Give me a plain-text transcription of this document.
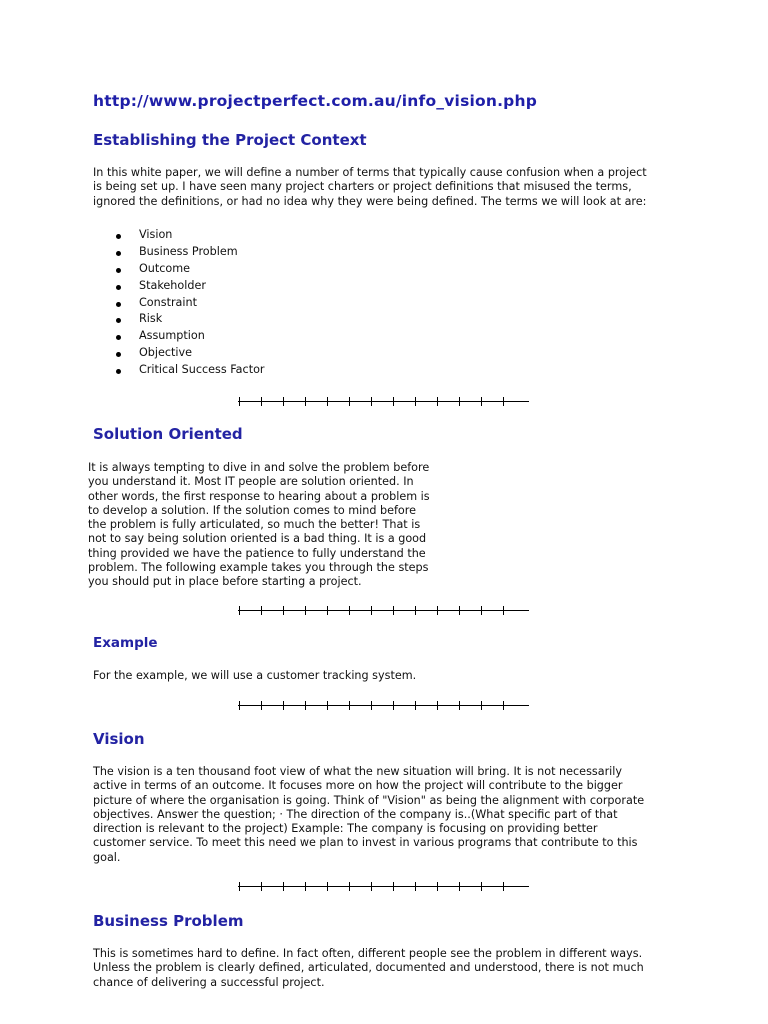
http://www.projectperfect.com.au/info_vision.php
Establishing the Project Context
In this white paper, we will define a number of terms that typically cause confusion when a project
is being set up. I have seen many project charters or project definitions that misused the terms,
ignored the definitions, or had no idea why they were being defined. The terms we will look at are:
Vision
Business Problem
Outcome
Stakeholder
Constraint
Risk
Assumption
Objective
Critical Success Factor
Solution Oriented
It is always tempting to dive in and solve the problem before
you understand it. Most IT people are solution oriented. In
other words, the first response to hearing about a problem is
to develop a solution. If the solution comes to mind before
the problem is fully articulated, so much the better! That is
not to say being solution oriented is a bad thing. It is a good
thing provided we have the patience to fully understand the
problem. The following example takes you through the steps
you should put in place before starting a project.
Example
For the example, we will use a customer tracking system.
Vision
The vision is a ten thousand foot view of what the new situation will bring. It is not necessarily
active in terms of an outcome. It focuses more on how the project will contribute to the bigger
picture of where the organisation is going. Think of "Vision" as being the alignment with corporate
objectives. Answer the question; · The direction of the company is..(What specific part of that
direction is relevant to the project) Example: The company is focusing on providing better
customer service. To meet this need we plan to invest in various programs that contribute to this
goal.
Business Problem
This is sometimes hard to define. In fact often, different people see the problem in different ways.
Unless the problem is clearly defined, articulated, documented and understood, there is not much
chance of delivering a successful project.
